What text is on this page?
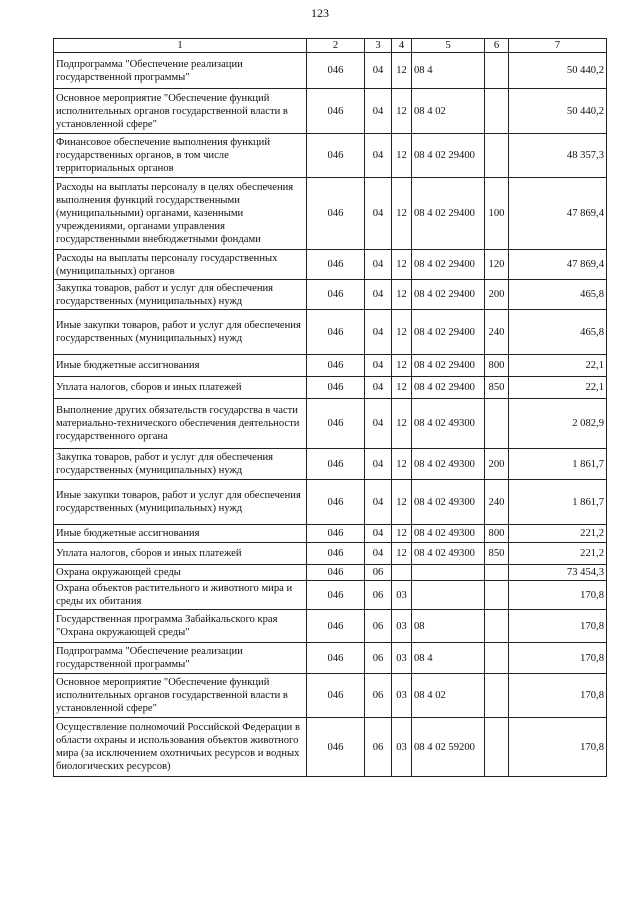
123
1	2	3	4	5	6	7
Подпрограмма "Обеспечение реализации государственной программы"	046	04	12	08 4		50 440,2
Основное мероприятие "Обеспечение функций исполнительных органов государственной власти в установленной сфере"	046	04	12	08 4 02		50 440,2
Финансовое обеспечение выполнения функций государственных органов, в том числе территориальных органов	046	04	12	08 4 02 29400		48 357,3
Расходы на выплаты персоналу в целях обеспечения выполнения функций государственными (муниципальными) органами, казенными учреждениями, органами управления государственными внебюджетными фондами	046	04	12	08 4 02 29400	100	47 869,4
Расходы на выплаты персоналу государственных (муниципальных) органов	046	04	12	08 4 02 29400	120	47 869,4
Закупка товаров, работ и услуг для обеспечения государственных (муниципальных) нужд	046	04	12	08 4 02 29400	200	465,8
Иные закупки товаров, работ и услуг для обеспечения государственных (муниципальных) нужд	046	04	12	08 4 02 29400	240	465,8
Иные бюджетные ассигнования	046	04	12	08 4 02 29400	800	22,1
Уплата налогов, сборов и иных платежей	046	04	12	08 4 02 29400	850	22,1
Выполнение других обязательств государства в части материально-технического обеспечения деятельности государственного органа	046	04	12	08 4 02 49300		2 082,9
Закупка товаров, работ и услуг для обеспечения государственных (муниципальных) нужд	046	04	12	08 4 02 49300	200	1 861,7
Иные закупки товаров, работ и услуг для обеспечения государственных (муниципальных) нужд	046	04	12	08 4 02 49300	240	1 861,7
Иные бюджетные ассигнования	046	04	12	08 4 02 49300	800	221,2
Уплата налогов, сборов и иных платежей	046	04	12	08 4 02 49300	850	221,2
Охрана окружающей среды	046	06				73 454,3
Охрана объектов растительного и животного мира и среды их обитания	046	06	03			170,8
Государственная программа Забайкальского края "Охрана окружающей среды"	046	06	03	08		170,8
Подпрограмма "Обеспечение реализации государственной программы"	046	06	03	08 4		170,8
Основное мероприятие "Обеспечение функций исполнительных органов государственной власти в установленной сфере"	046	06	03	08 4 02		170,8
Осуществление полномочий Российской Федерации в области охраны и использования объектов животного мира (за исключением охотничьих ресурсов и водных биологических ресурсов)	046	06	03	08 4 02 59200		170,8
